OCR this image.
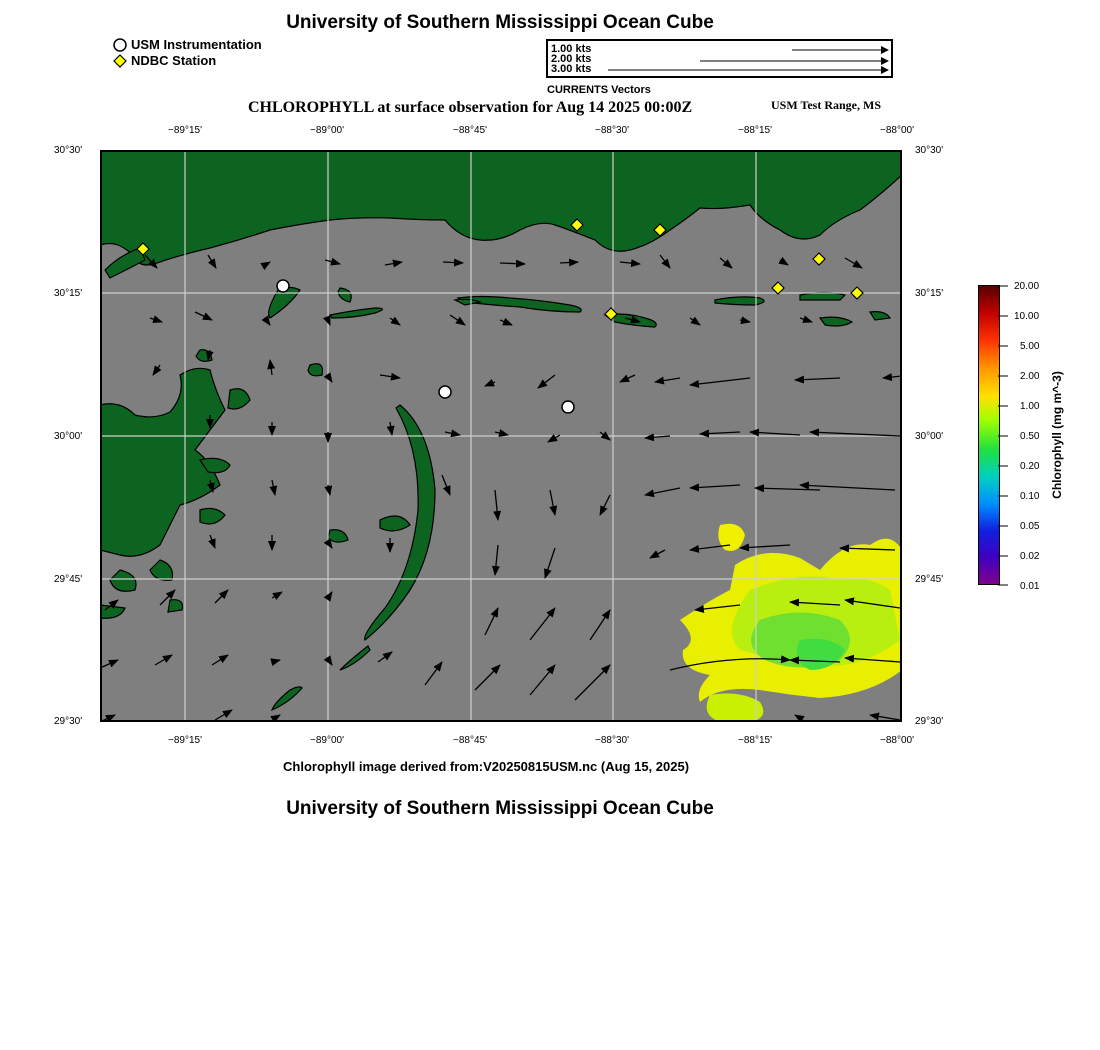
University of Southern Mississippi Ocean Cube
USM Instrumentation
NDBC Station
1.00 kts
2.00 kts
3.00 kts
CURRENTS Vectors
CHLOROPHYLL at surface observation for Aug 14 2025 00:00Z	USM Test Range, MS
−89°15'	−89°00'	−88°45'	−88°30'	−88°15'	−88°00'
−89°15'	−89°00'	−88°45'	−88°30'	−88°15'	−88°00'
30°30'
30°15'
30°00'
29°45'
29°30'
30°30'
30°15'
30°00'
29°45'
29°30'
20.00
10.00
5.00
2.00
1.00
0.50
0.20
0.10
0.05
0.02
0.01
Chlorophyll (mg m^-3)
Chlorophyll image derived from:V20250815USM.nc (Aug 15, 2025)
University of Southern Mississippi Ocean Cube
